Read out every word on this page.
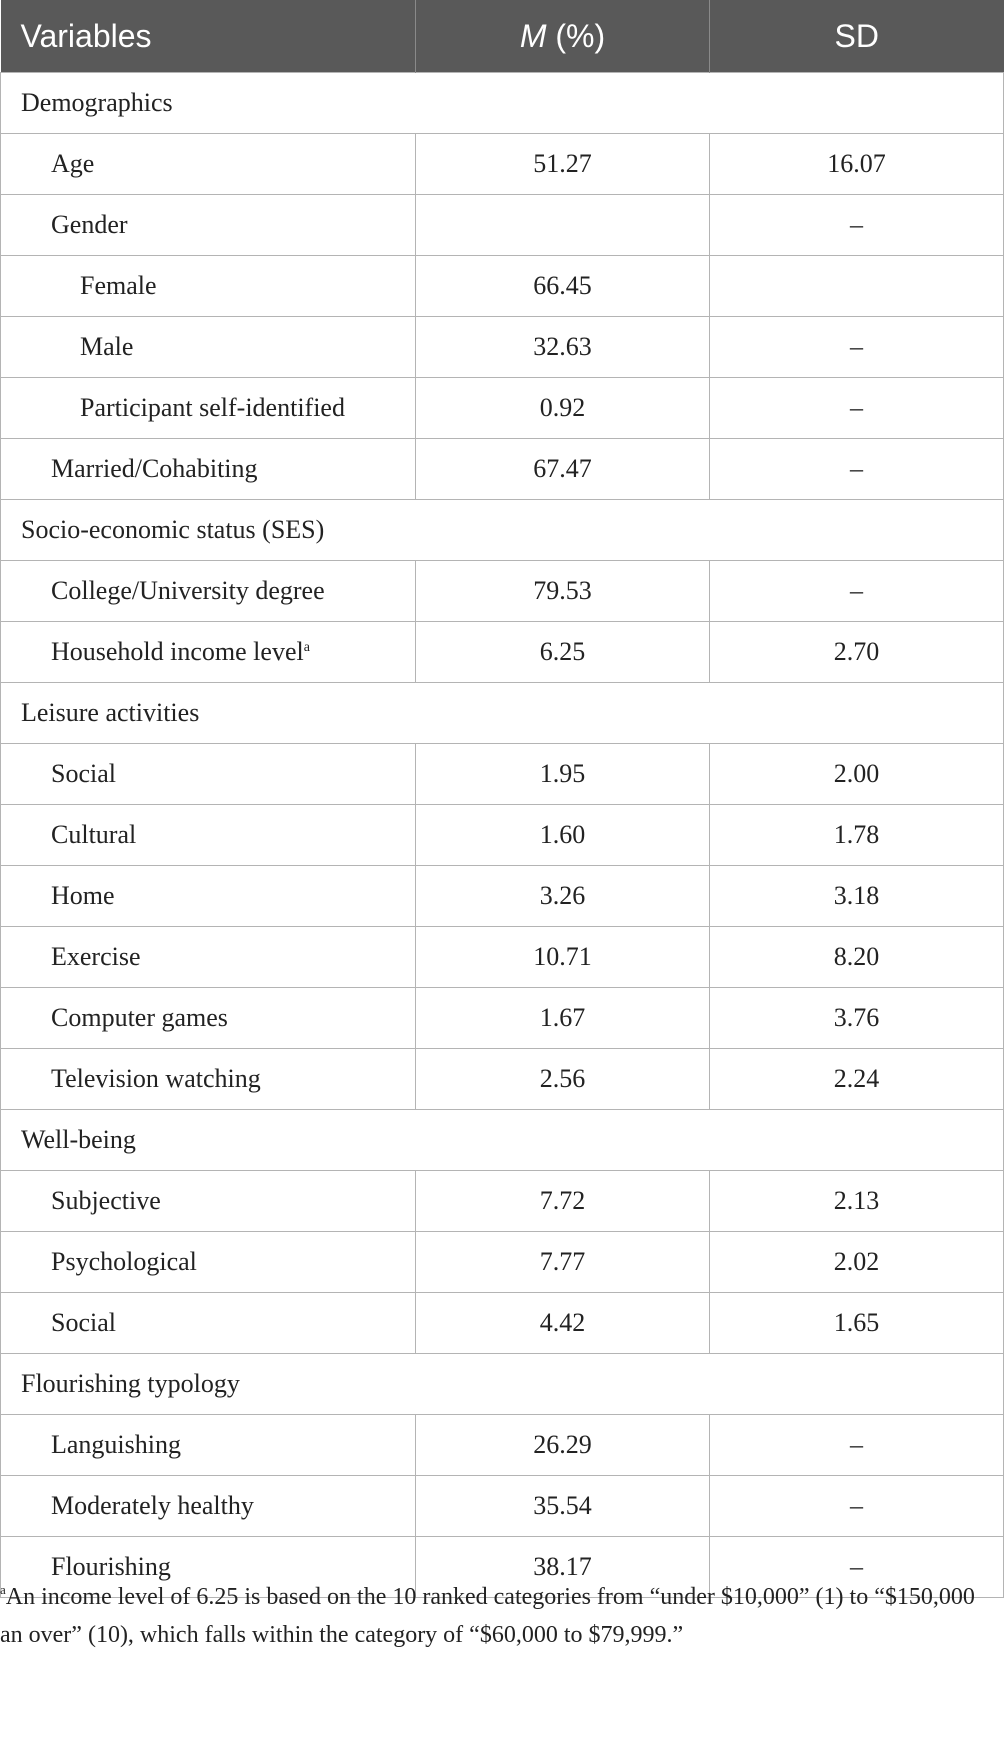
Variables	M (%)	SD
Demographics		
Age	51.27	16.07
Gender		–
Female	66.45	
Male	32.63	–
Participant self-identified	0.92	–
Married/Cohabiting	67.47	–
Socio-economic status (SES)		
College/University degree	79.53	–
Household income level$^a$	6.25	2.70
Leisure activities		
Social	1.95	2.00
Cultural	1.60	1.78
Home	3.26	3.18
Exercise	10.71	8.20
Computer games	1.67	3.76
Television watching	2.56	2.24
Well-being		
Subjective	7.72	2.13
Psychological	7.77	2.02
Social	4.42	1.65
Flourishing typology		
Languishing	26.29	–
Moderately healthy	35.54	–
Flourishing	38.17	–
$^a$An income level of 6.25 is based on the 10 ranked categories from “under $10,000” (1) to “$150,000 an over” (10), which falls within the category of “$60,000 to $79,999.”
